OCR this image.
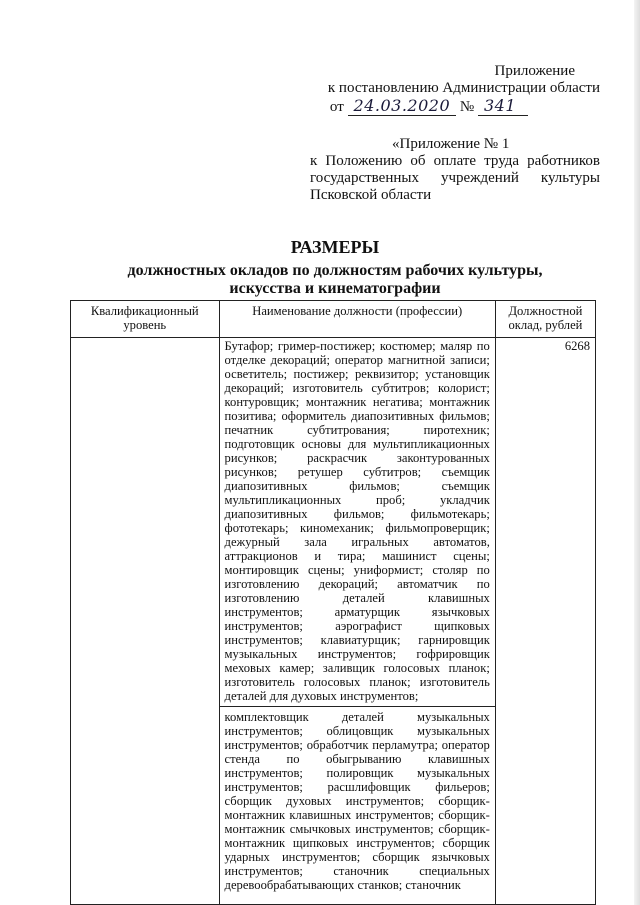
Приложение
к постановлению Администрации области
от 24.03.2020 № 341
«Приложение № 1
к Положению об оплате труда работников государственных учреждений культуры Псковской области
РАЗМЕРЫ
должностных окладов по должностям рабочих культуры, искусства и кинематографии
Квалификационный уровень	Наименование должности (профессии)	Должностной оклад, рублей

	Бутафор; гример-постижер; костюмер; маляр по отделке декораций; оператор магнитной записи; осветитель; постижер; реквизитор; установщик декораций; изготовитель субтитров; колорист; контуровщик; монтажник негатива; монтажник позитива; оформитель диапозитивных фильмов; печатник субтитрования; пиротехник; подготовщик основы для мультипликационных рисунков; раскрасчик законтурованных рисунков; ретушер субтитров; съемщик диапозитивных фильмов; съемщик мультипликационных проб; укладчик диапозитивных фильмов; фильмотекарь; фототекарь; киномеханик; фильмопроверщик; дежурный зала игральных автоматов, аттракционов и тира; машинист сцены; монтировщик сцены; униформист; столяр по изготовлению декораций; автоматчик по изготовлению деталей клавишных инструментов; арматурщик язычковых инструментов; аэрографист щипковых инструментов; клавиатурщик; гарнировщик музыкальных инструментов; гофрировщик меховых камер; заливщик голосовых планок; изготовитель голосовых планок; изготовитель деталей для духовых инструментов;
комплектовщик деталей музыкальных инструментов; облицовщик музыкальных инструментов; обработчик перламутра; оператор стенда по обыгрыванию клавишных инструментов; полировщик музыкальных инструментов; расшлифовщик фильеров; сборщик духовых инструментов; сборщик-монтажник клавишных инструментов; сборщик-монтажник смычковых инструментов; сборщик-монтажник щипковых инструментов; сборщик ударных инструментов; сборщик язычковых инструментов; станочник специальных деревообрабатывающих станков; станочник	6268
